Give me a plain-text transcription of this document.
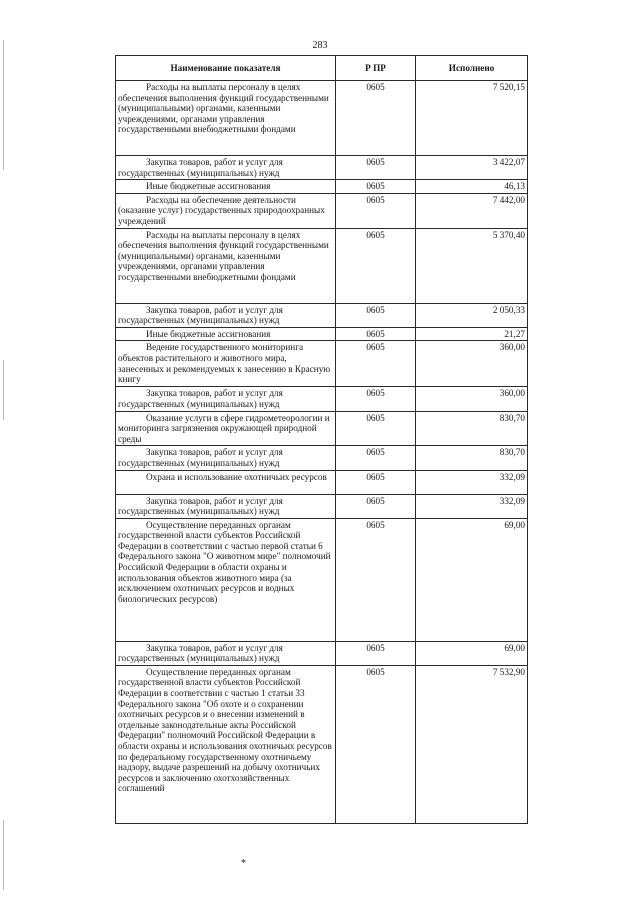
283
Наименование показателя	Р ПР	Исполнено

Расходы на выплаты персоналу в целях обеспечения выполнения функций государственными (муниципальными) органами, казенными учреждениями, органами управления государственными внебюджетными фондами	0605	7 520,15

Закупка товаров, работ и услуг для государственных (муниципальных) нужд	0605	3 422,07

Иные бюджетные ассигнования	0605	46,13

Расходы на обеспечение деятельности (оказание услуг) государственных природоохранных учреждений	0605	7 442,00

Расходы на выплаты персоналу в целях обеспечения выполнения функций государственными (муниципальными) органами, казенными учреждениями, органами управления государственными внебюджетными фондами	0605	5 370,40

Закупка товаров, работ и услуг для государственных (муниципальных) нужд	0605	2 050,33

Иные бюджетные ассигнования	0605	21,27

Ведение государственного мониторинга объектов растительного и животного мира, занесенных и рекомендуемых к занесению в Красную книгу	0605	360,00

Закупка товаров, работ и услуг для государственных (муниципальных) нужд	0605	360,00

Оказание услуги в сфере гидрометеорологии и мониторинга загрязнения окружающей природной среды	0605	830,70

Закупка товаров, работ и услуг для государственных (муниципальных) нужд	0605	830,70

Охрана и использование охотничьих ресурсов	0605	332,09

Закупка товаров, работ и услуг для государственных (муниципальных) нужд	0605	332,09

Осуществление переданных органам государственной власти субъектов Российской Федерации в соответствии с частью первой статьи 6 Федерального закона "О животном мире" полномочий Российской Федерации в области охраны и использования объектов животного мира (за исключением охотничьих ресурсов и водных биологических ресурсов)	0605	69,00

Закупка товаров, работ и услуг для государственных (муниципальных) нужд	0605	69,00

Осуществление переданных органам государственной власти субъектов Российской Федерации в соответствии с частью 1 статьи 33 Федерального закона "Об охоте и о сохранении охотничьих ресурсов и о внесении изменений в отдельные законодательные акты Российской Федерации" полномочий Российской Федерации в области охраны и использования охотничьих ресурсов по федеральному государственному охотничьему надзору, выдаче разрешений на добычу охотничьих ресурсов и заключению охотхозяйственных соглашений	0605	7 532,90
*
